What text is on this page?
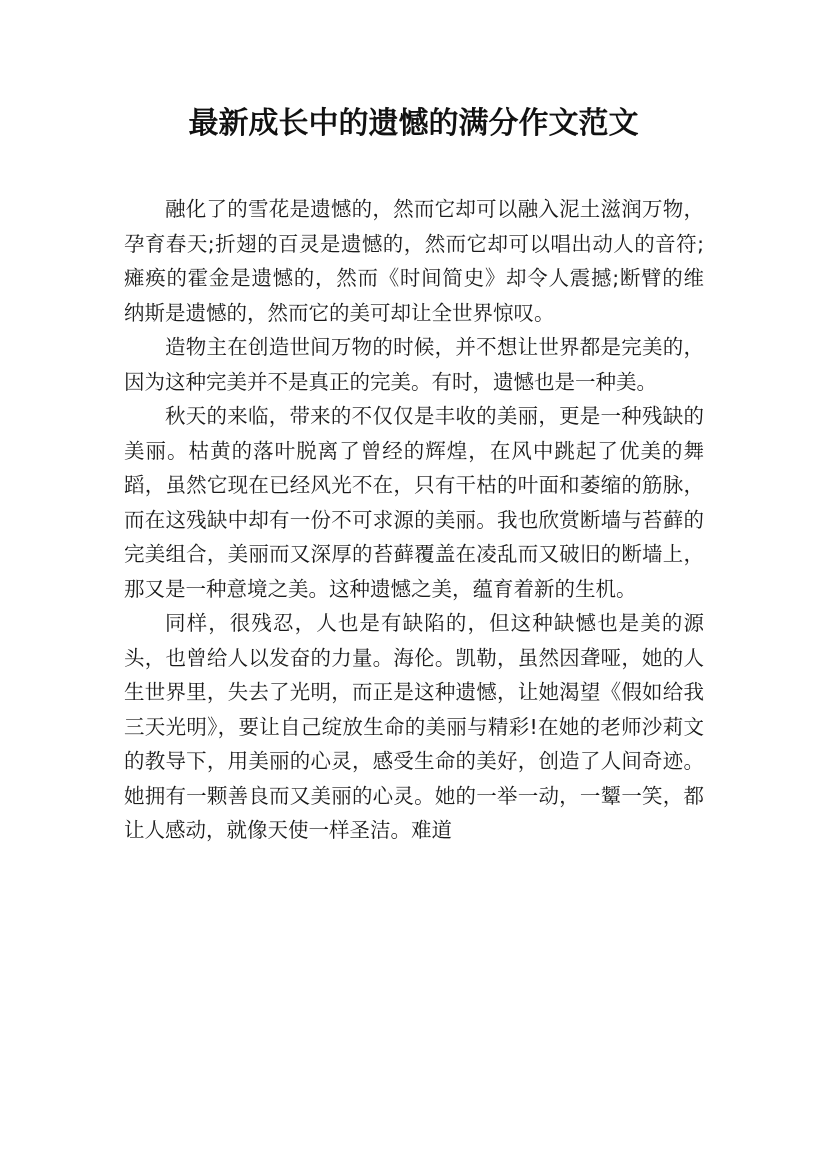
最新成长中的遗憾的满分作文范文

融化了的雪花是遗憾的，然而它却可以融入泥土滋润万物，孕育春天;折翅的百灵是遗憾的，然而它却可以唱出动人的音符;瘫痪的霍金是遗憾的，然而《时间简史》却令人震撼;断臂的维纳斯是遗憾的，然而它的美可却让全世界惊叹。

造物主在创造世间万物的时候，并不想让世界都是完美的，因为这种完美并不是真正的完美。有时，遗憾也是一种美。

秋天的来临，带来的不仅仅是丰收的美丽，更是一种残缺的美丽。枯黄的落叶脱离了曾经的辉煌，在风中跳起了优美的舞蹈，虽然它现在已经风光不在，只有干枯的叶面和萎缩的筋脉，而在这残缺中却有一份不可求源的美丽。我也欣赏断墙与苔藓的完美组合，美丽而又深厚的苔藓覆盖在凌乱而又破旧的断墙上，那又是一种意境之美。这种遗憾之美，蕴育着新的生机。

同样，很残忍，人也是有缺陷的，但这种缺憾也是美的源头，也曾给人以发奋的力量。海伦。凯勒，虽然因聋哑，她的人生世界里，失去了光明，而正是这种遗憾，让她渴望《假如给我三天光明》，要让自己绽放生命的美丽与精彩!在她的老师沙莉文的教导下，用美丽的心灵，感受生命的美好，创造了人间奇迹。她拥有一颗善良而又美丽的心灵。她的一举一动，一颦一笑，都让人感动，就像天使一样圣洁。难道
